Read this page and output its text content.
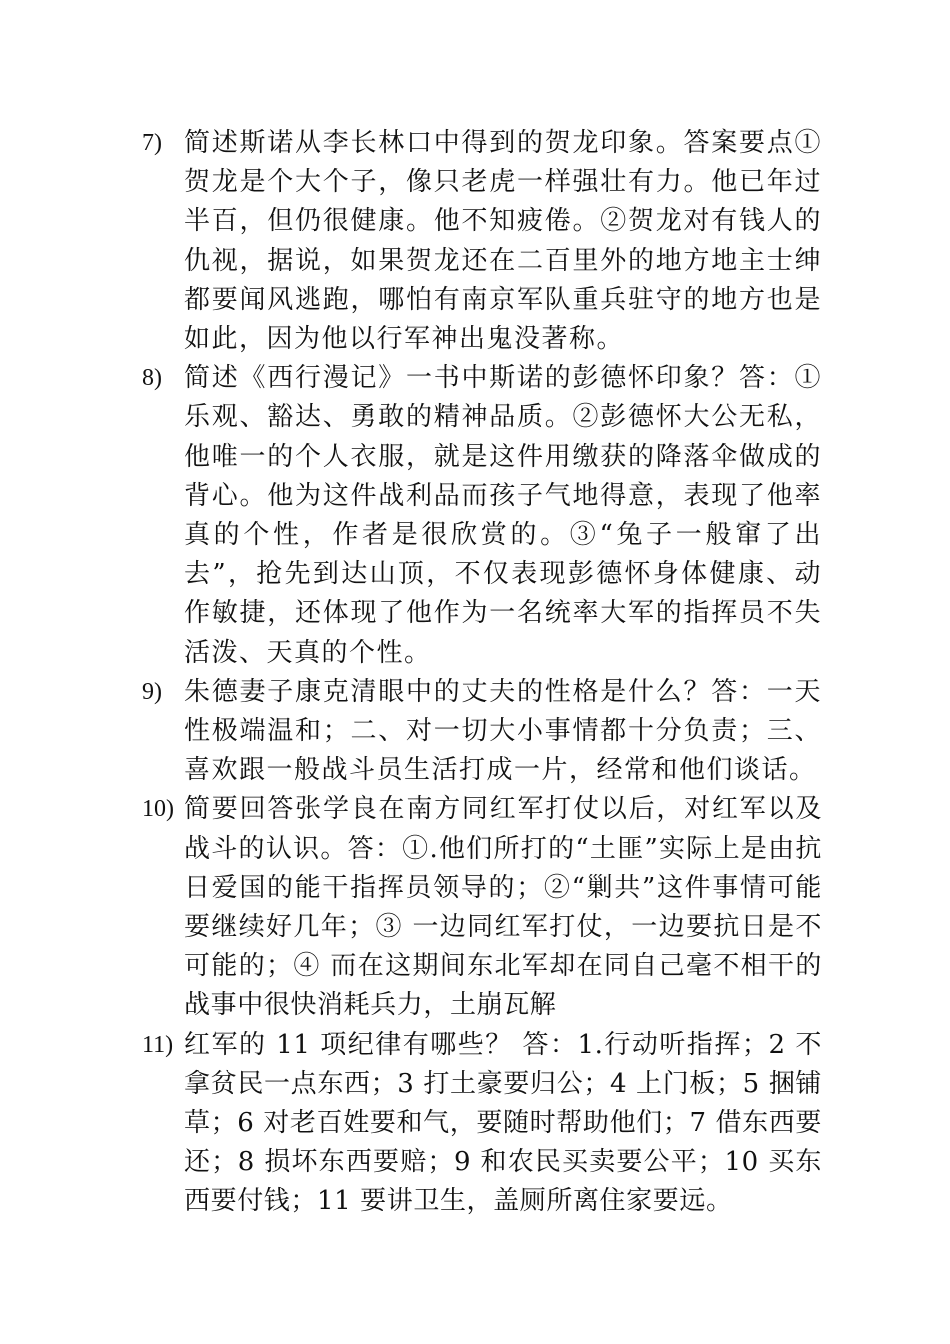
7) 简述斯诺从李长林口中得到的贺龙印象。答案要点①贺龙是个大个子，像只老虎一样强壮有力。他已年过半百，但仍很健康。他不知疲倦。②贺龙对有钱人的仇视，据说，如果贺龙还在二百里外的地方地主士绅都要闻风逃跑，哪怕有南京军队重兵驻守的地方也是如此，因为他以行军神出鬼没著称。
8) 简述《西行漫记》一书中斯诺的彭德怀印象？答：①乐观、豁达、勇敢的精神品质。②彭德怀大公无私，他唯一的个人衣服，就是这件用缴获的降落伞做成的背心。他为这件战利品而孩子气地得意，表现了他率真的个性，作者是很欣赏的。③“兔子一般窜了出去”，抢先到达山顶，不仅表现彭德怀身体健康、动作敏捷，还体现了他作为一名统率大军的指挥员不失活泼、天真的个性。
9) 朱德妻子康克清眼中的丈夫的性格是什么？答：一天性极端温和；二、对一切大小事情都十分负责；三、喜欢跟一般战斗员生活打成一片，经常和他们谈话。
10) 简要回答张学良在南方同红军打仗以后，对红军以及战斗的认识。答：①.他们所打的“土匪”实际上是由抗日爱国的能干指挥员领导的；②“剿共”这件事情可能要继续好几年；③ 一边同红军打仗，一边要抗日是不可能的；④ 而在这期间东北军却在同自己毫不相干的战事中很快消耗兵力，土崩瓦解
11) 红军的 11 项纪律有哪些？ 答：1.行动听指挥；2 不拿贫民一点东西；3 打土豪要归公；4 上门板；5 捆铺草；6 对老百姓要和气，要随时帮助他们；7 借东西要还；8 损坏东西要赔；9 和农民买卖要公平；10 买东西要付钱；11 要讲卫生，盖厕所离住家要远。
